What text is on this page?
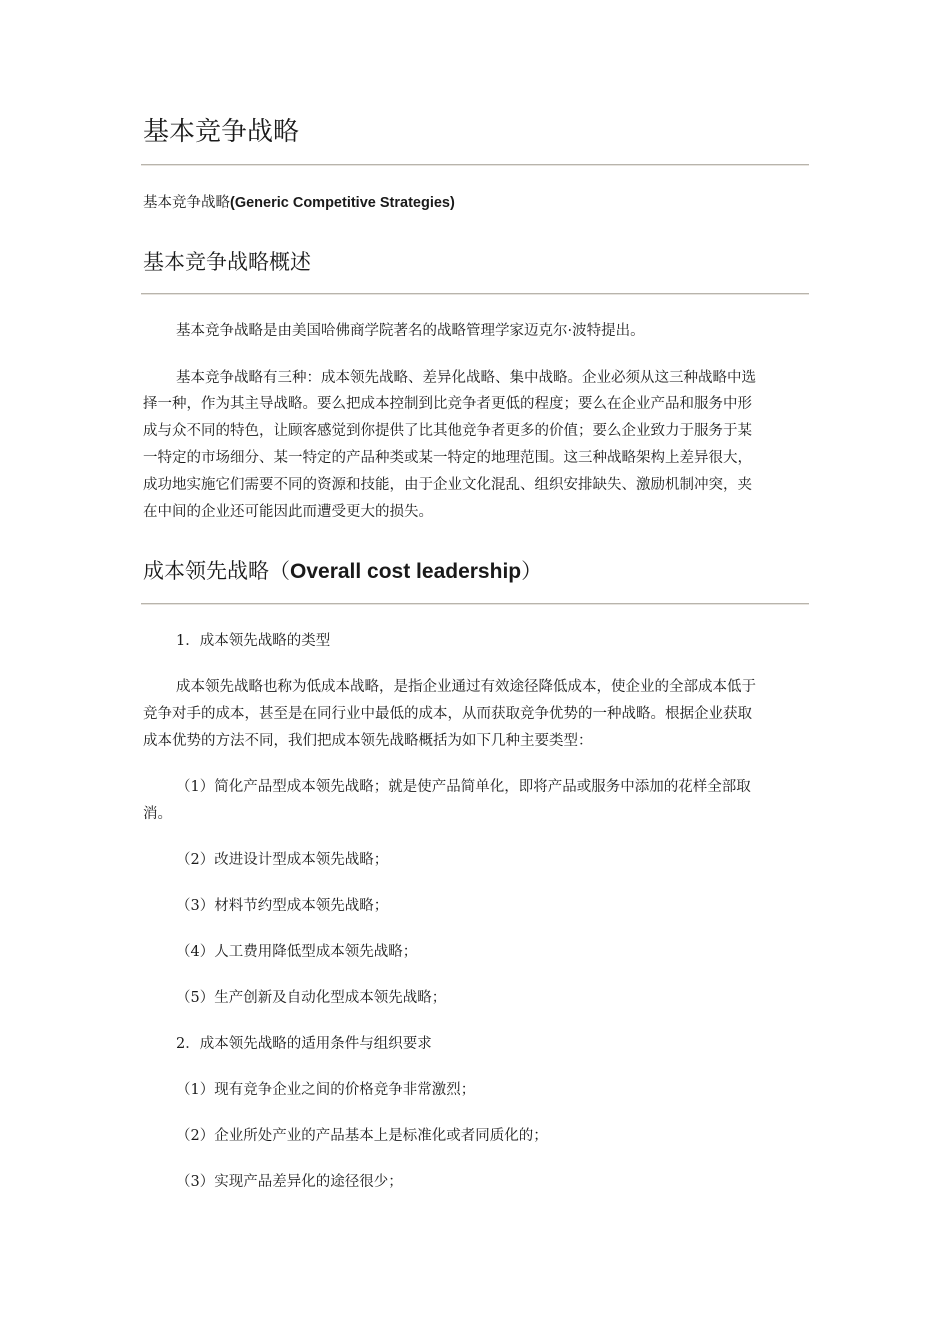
基本竞争战略
基本竞争战略(Generic Competitive Strategies)
基本竞争战略概述
基本竞争战略是由美国哈佛商学院著名的战略管理学家迈克尔·波特提出。
基本竞争战略有三种：成本领先战略、差异化战略、集中战略。企业必须从这三种战略中选
择一种，作为其主导战略。要么把成本控制到比竞争者更低的程度；要么在企业产品和服务中形
成与众不同的特色，让顾客感觉到你提供了比其他竞争者更多的价值；要么企业致力于服务于某
一特定的市场细分、某一特定的产品种类或某一特定的地理范围。这三种战略架构上差异很大，
成功地实施它们需要不同的资源和技能，由于企业文化混乱、组织安排缺失、激励机制冲突，夹
在中间的企业还可能因此而遭受更大的损失。
成本领先战略（Overall cost leadership）
1．成本领先战略的类型
成本领先战略也称为低成本战略，是指企业通过有效途径降低成本，使企业的全部成本低于
竞争对手的成本，甚至是在同行业中最低的成本，从而获取竞争优势的一种战略。根据企业获取
成本优势的方法不同，我们把成本领先战略概括为如下几种主要类型：
（1）简化产品型成本领先战略；就是使产品简单化，即将产品或服务中添加的花样全部取
消。
（2）改进设计型成本领先战略；
（3）材料节约型成本领先战略；
（4）人工费用降低型成本领先战略；
（5）生产创新及自动化型成本领先战略；
2．成本领先战略的适用条件与组织要求
（1）现有竞争企业之间的价格竞争非常激烈；
（2）企业所处产业的产品基本上是标准化或者同质化的；
（3）实现产品差异化的途径很少；
